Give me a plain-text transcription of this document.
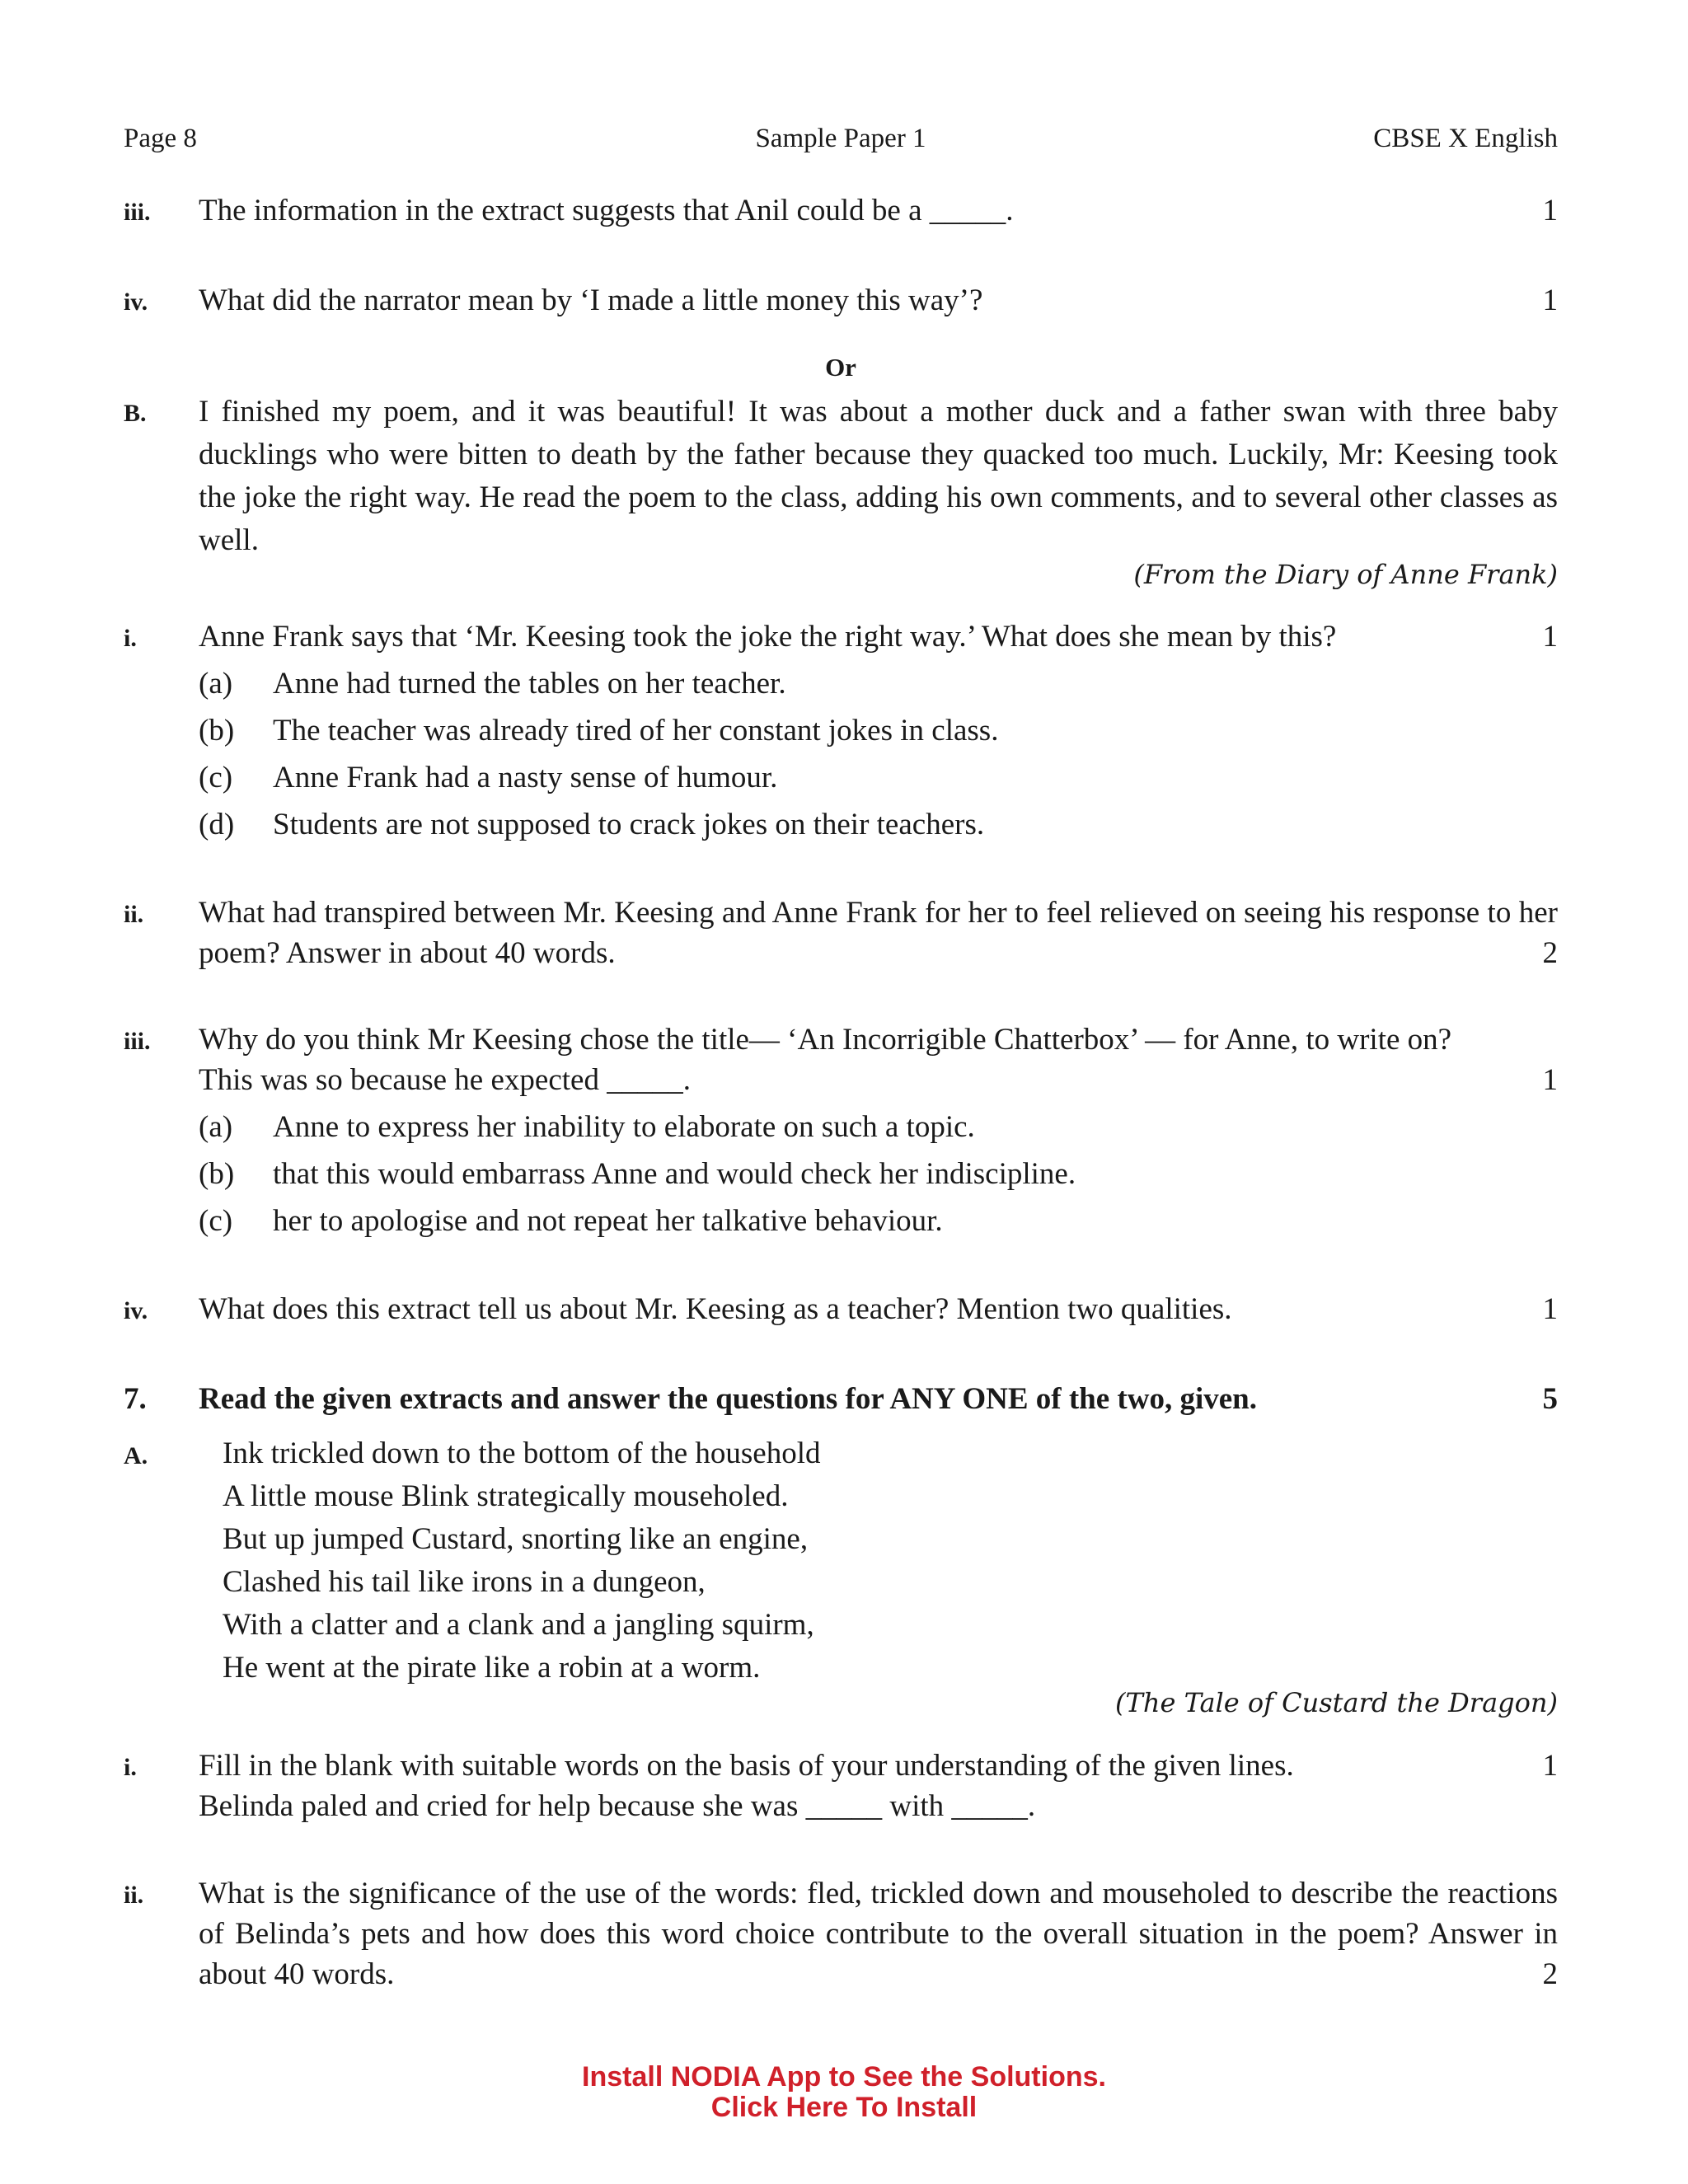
Page 8	Sample Paper 1	CBSE X English
iii. The information in the extract suggests that Anil could be a _____.	1
iv. What did the narrator mean by ‘I made a little money this way’?	1
Or
B. I finished my poem, and it was beautiful! It was about a mother duck and a father swan with three baby ducklings who were bitten to death by the father because they quacked too much. Luckily, Mr: Keesing took the joke the right way. He read the poem to the class, adding his own comments, and to several other classes as well.
(From the Diary of Anne Frank)
i. Anne Frank says that ‘Mr. Keesing took the joke the right way.’ What does she mean by this?	1
(a) Anne had turned the tables on her teacher.
(b) The teacher was already tired of her constant jokes in class.
(c) Anne Frank had a nasty sense of humour.
(d) Students are not supposed to crack jokes on their teachers.
ii. What had transpired between Mr. Keesing and Anne Frank for her to feel relieved on seeing his response to her poem? Answer in about 40 words.	2
iii. Why do you think Mr Keesing chose the title— ‘An Incorrigible Chatterbox’ — for Anne, to write on?
This was so because he expected _____.	1
(a) Anne to express her inability to elaborate on such a topic.
(b) that this would embarrass Anne and would check her indiscipline.
(c) her to apologise and not repeat her talkative behaviour.
iv. What does this extract tell us about Mr. Keesing as a teacher? Mention two qualities.	1
7. Read the given extracts and answer the questions for ANY ONE of the two, given.	5
A. Ink trickled down to the bottom of the household
A little mouse Blink strategically mouseholed.
But up jumped Custard, snorting like an engine,
Clashed his tail like irons in a dungeon,
With a clatter and a clank and a jangling squirm,
He went at the pirate like a robin at a worm.
(The Tale of Custard the Dragon)
i. Fill in the blank with suitable words on the basis of your understanding of the given lines.
Belinda paled and cried for help because she was _____ with _____.
1
ii. What is the significance of the use of the words: fled, trickled down and mouseholed to describe the reactions of Belinda’s pets and how does this word choice contribute to the overall situation in the poem? Answer in about 40 words.	2
Install NODIA App to See the Solutions.
Click Here To Install
